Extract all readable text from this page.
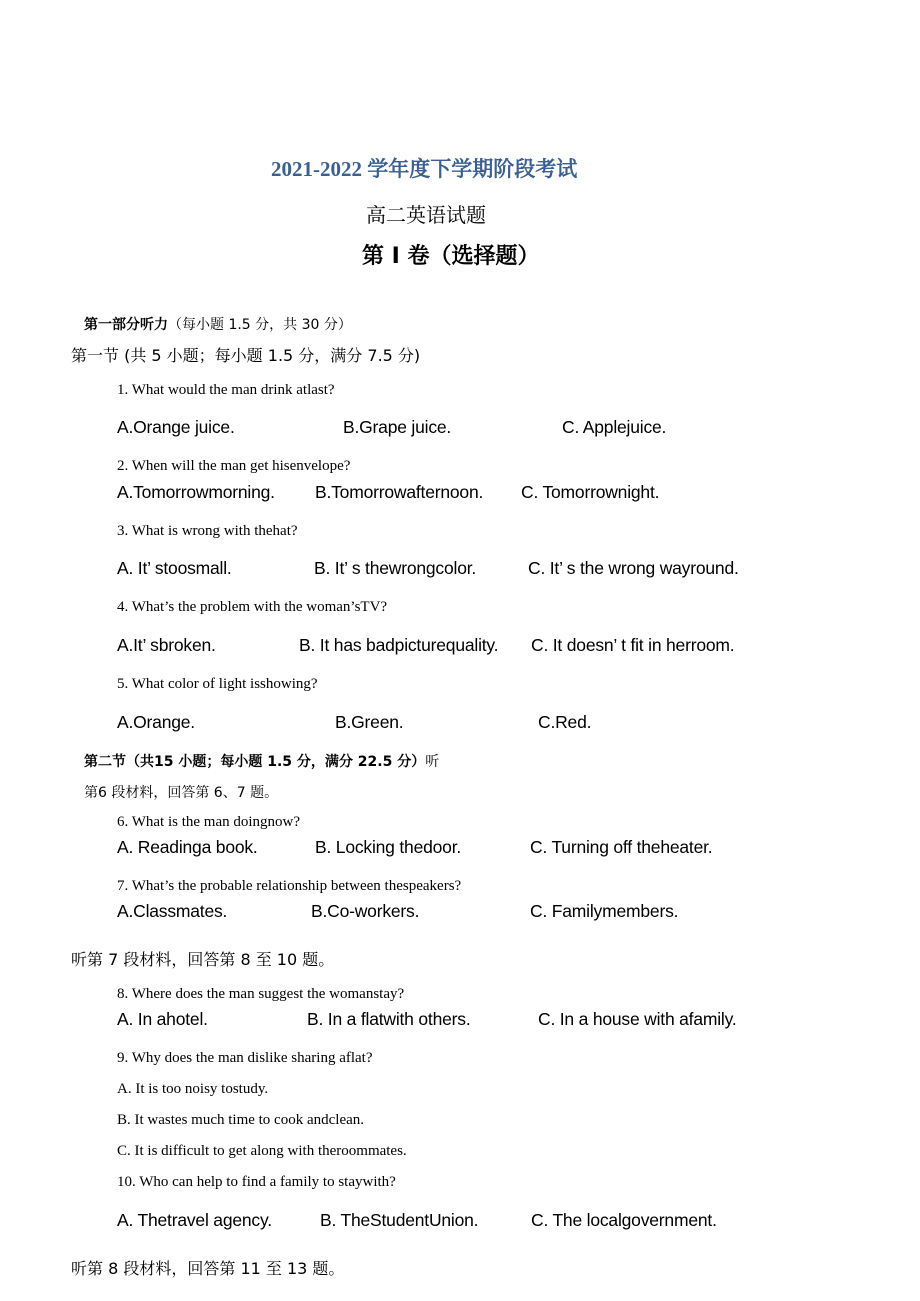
2021-2022 学年度下学期阶段考试
高二英语试题
第 I 卷（选择题）
第一部分听力（每小题 1.5 分，共 30 分）
第一节 (共 5 小题；每小题 1.5 分，满分 7.5 分)
1. What would the man drink atlast?
A.Orange juice.	B.Grape juice.	C. Applejuice.
2. When will the man get hisenvelope?
A.Tomorrowmorning. B.Tomorrowafternoon. C. Tomorrownight.
3. What is wrong with thehat?
A. It’ stoosmall.	B. It’ s thewrongcolor.	C. It’ s the wrong wayround.
4. What’s the problem with the woman’sTV?
A.It’ sbroken.	B. It has badpicturequality. C. It doesn’ t fit in herroom.
5. What color of light isshowing?
A.Orange.	B.Green.	C.Red.
第二节（共15 小题；每小题 1.5 分，满分 22.5 分）听
第6 段材料，回答第 6、7 题。
6. What is the man doingnow?
A. Readinga book.	B. Locking thedoor.	C. Turning off theheater.
7. What’s the probable relationship between thespeakers?
A.Classmates.	B.Co-workers.	C. Familymembers.
听第 7 段材料，回答第 8 至 10 题。
8. Where does the man suggest the womanstay?
A. In ahotel.	B. In a flatwith others.	C. In a house with afamily.
9. Why does the man dislike sharing aflat?
A. It is too noisy tostudy.
B. It wastes much time to cook andclean.
C. It is difficult to get along with theroommates.
10. Who can help to find a family to staywith?
A. Thetravel agency.	B. TheStudentUnion.	C. The localgovernment.
听第 8 段材料，回答第 11 至 13 题。
